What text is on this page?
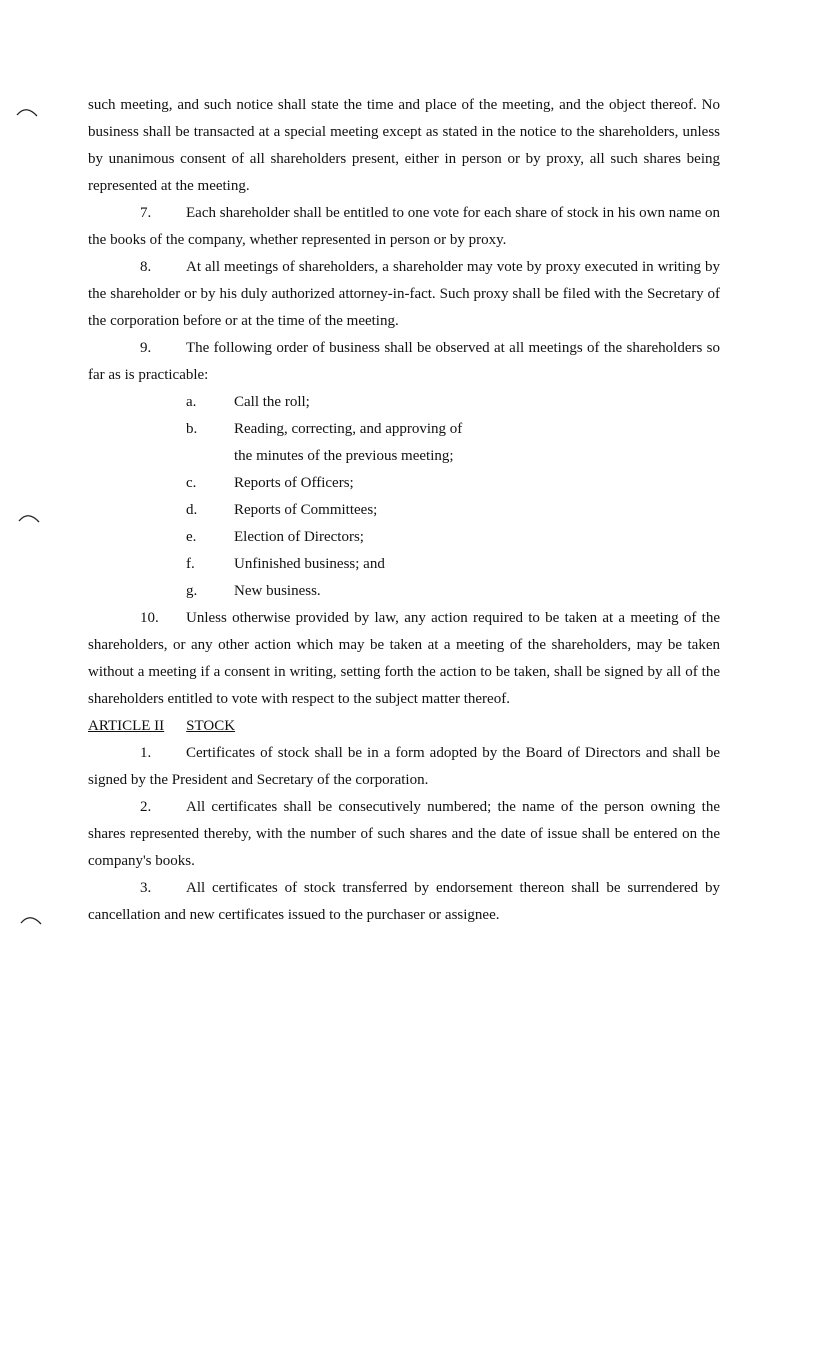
such meeting, and such notice shall state the time and place of the meeting, and the object thereof. No business shall be transacted at a special meeting except as stated in the notice to the shareholders, unless by unanimous consent of all shareholders present, either in person or by proxy, all such shares being represented at the meeting.

7. Each shareholder shall be entitled to one vote for each share of stock in his own name on the books of the company, whether represented in person or by proxy.

8. At all meetings of shareholders, a shareholder may vote by proxy executed in writing by the shareholder or by his duly authorized attorney-in-fact. Such proxy shall be filed with the Secretary of the corporation before or at the time of the meeting.

9. The following order of business shall be observed at all meetings of the shareholders so far as is practicable:

a.	Call the roll;
b. Reading, correcting, and approving of the minutes of the previous meeting;
c.	Reports of Officers;
d. Reports of Committees;
e.	Election of Directors;
f.	Unfinished business; and
g. New business.

10. Unless otherwise provided by law, any action required to be taken at a meeting of the shareholders, or any other action which may be taken at a meeting of the shareholders, may be taken without a meeting if a consent in writing, setting forth the action to be taken, shall be signed by all of the shareholders entitled to vote with respect to the subject matter thereof.

ARTICLE II STOCK

1. Certificates of stock shall be in a form adopted by the Board of Directors and shall be signed by the President and Secretary of the corporation.

2. All certificates shall be consecutively numbered; the name of the person owning the shares represented thereby, with the number of such shares and the date of issue shall be entered on the company's books.

3. All certificates of stock transferred by endorsement thereon shall be surrendered by cancellation and new certificates issued to the purchaser or assignee.
